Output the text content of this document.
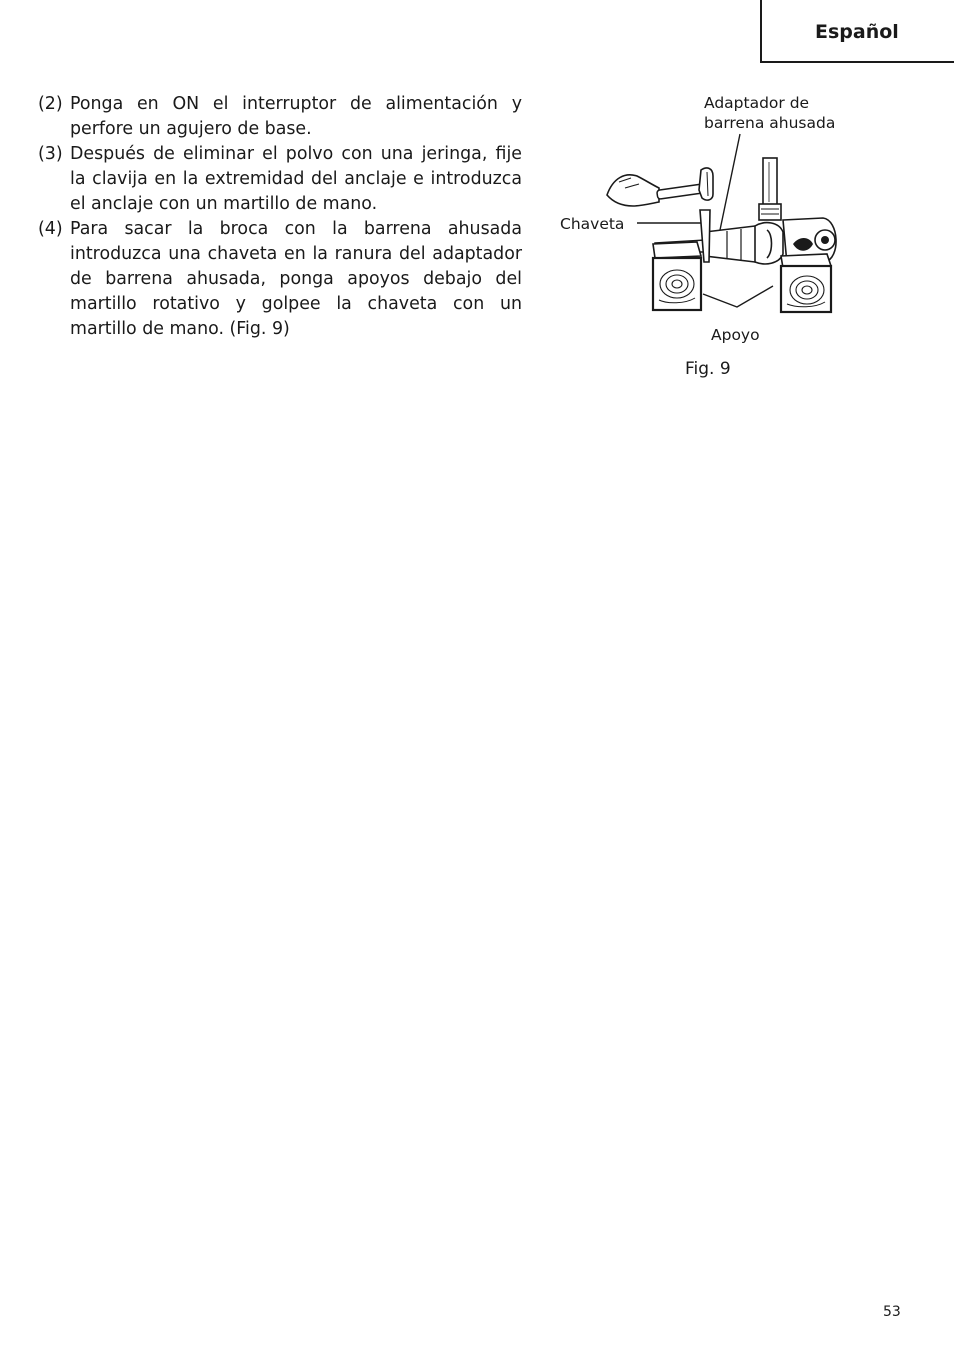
Español
(2) Ponga en ON el interruptor de alimentación y perfore un agujero de base.
(3) Después de eliminar el polvo con una jeringa, fije la clavija en la extremidad del anclaje e introduzca el anclaje con un martillo de mano.
(4) Para sacar la broca con la barrena ahusada introduzca una chaveta en la ranura del adaptador de barrena ahusada, ponga apoyos debajo del martillo rotativo y golpee la chaveta con un martillo de mano. (Fig. 9)
Adaptador de
barrena ahusada
Chaveta
Apoyo
Fig. 9
53
